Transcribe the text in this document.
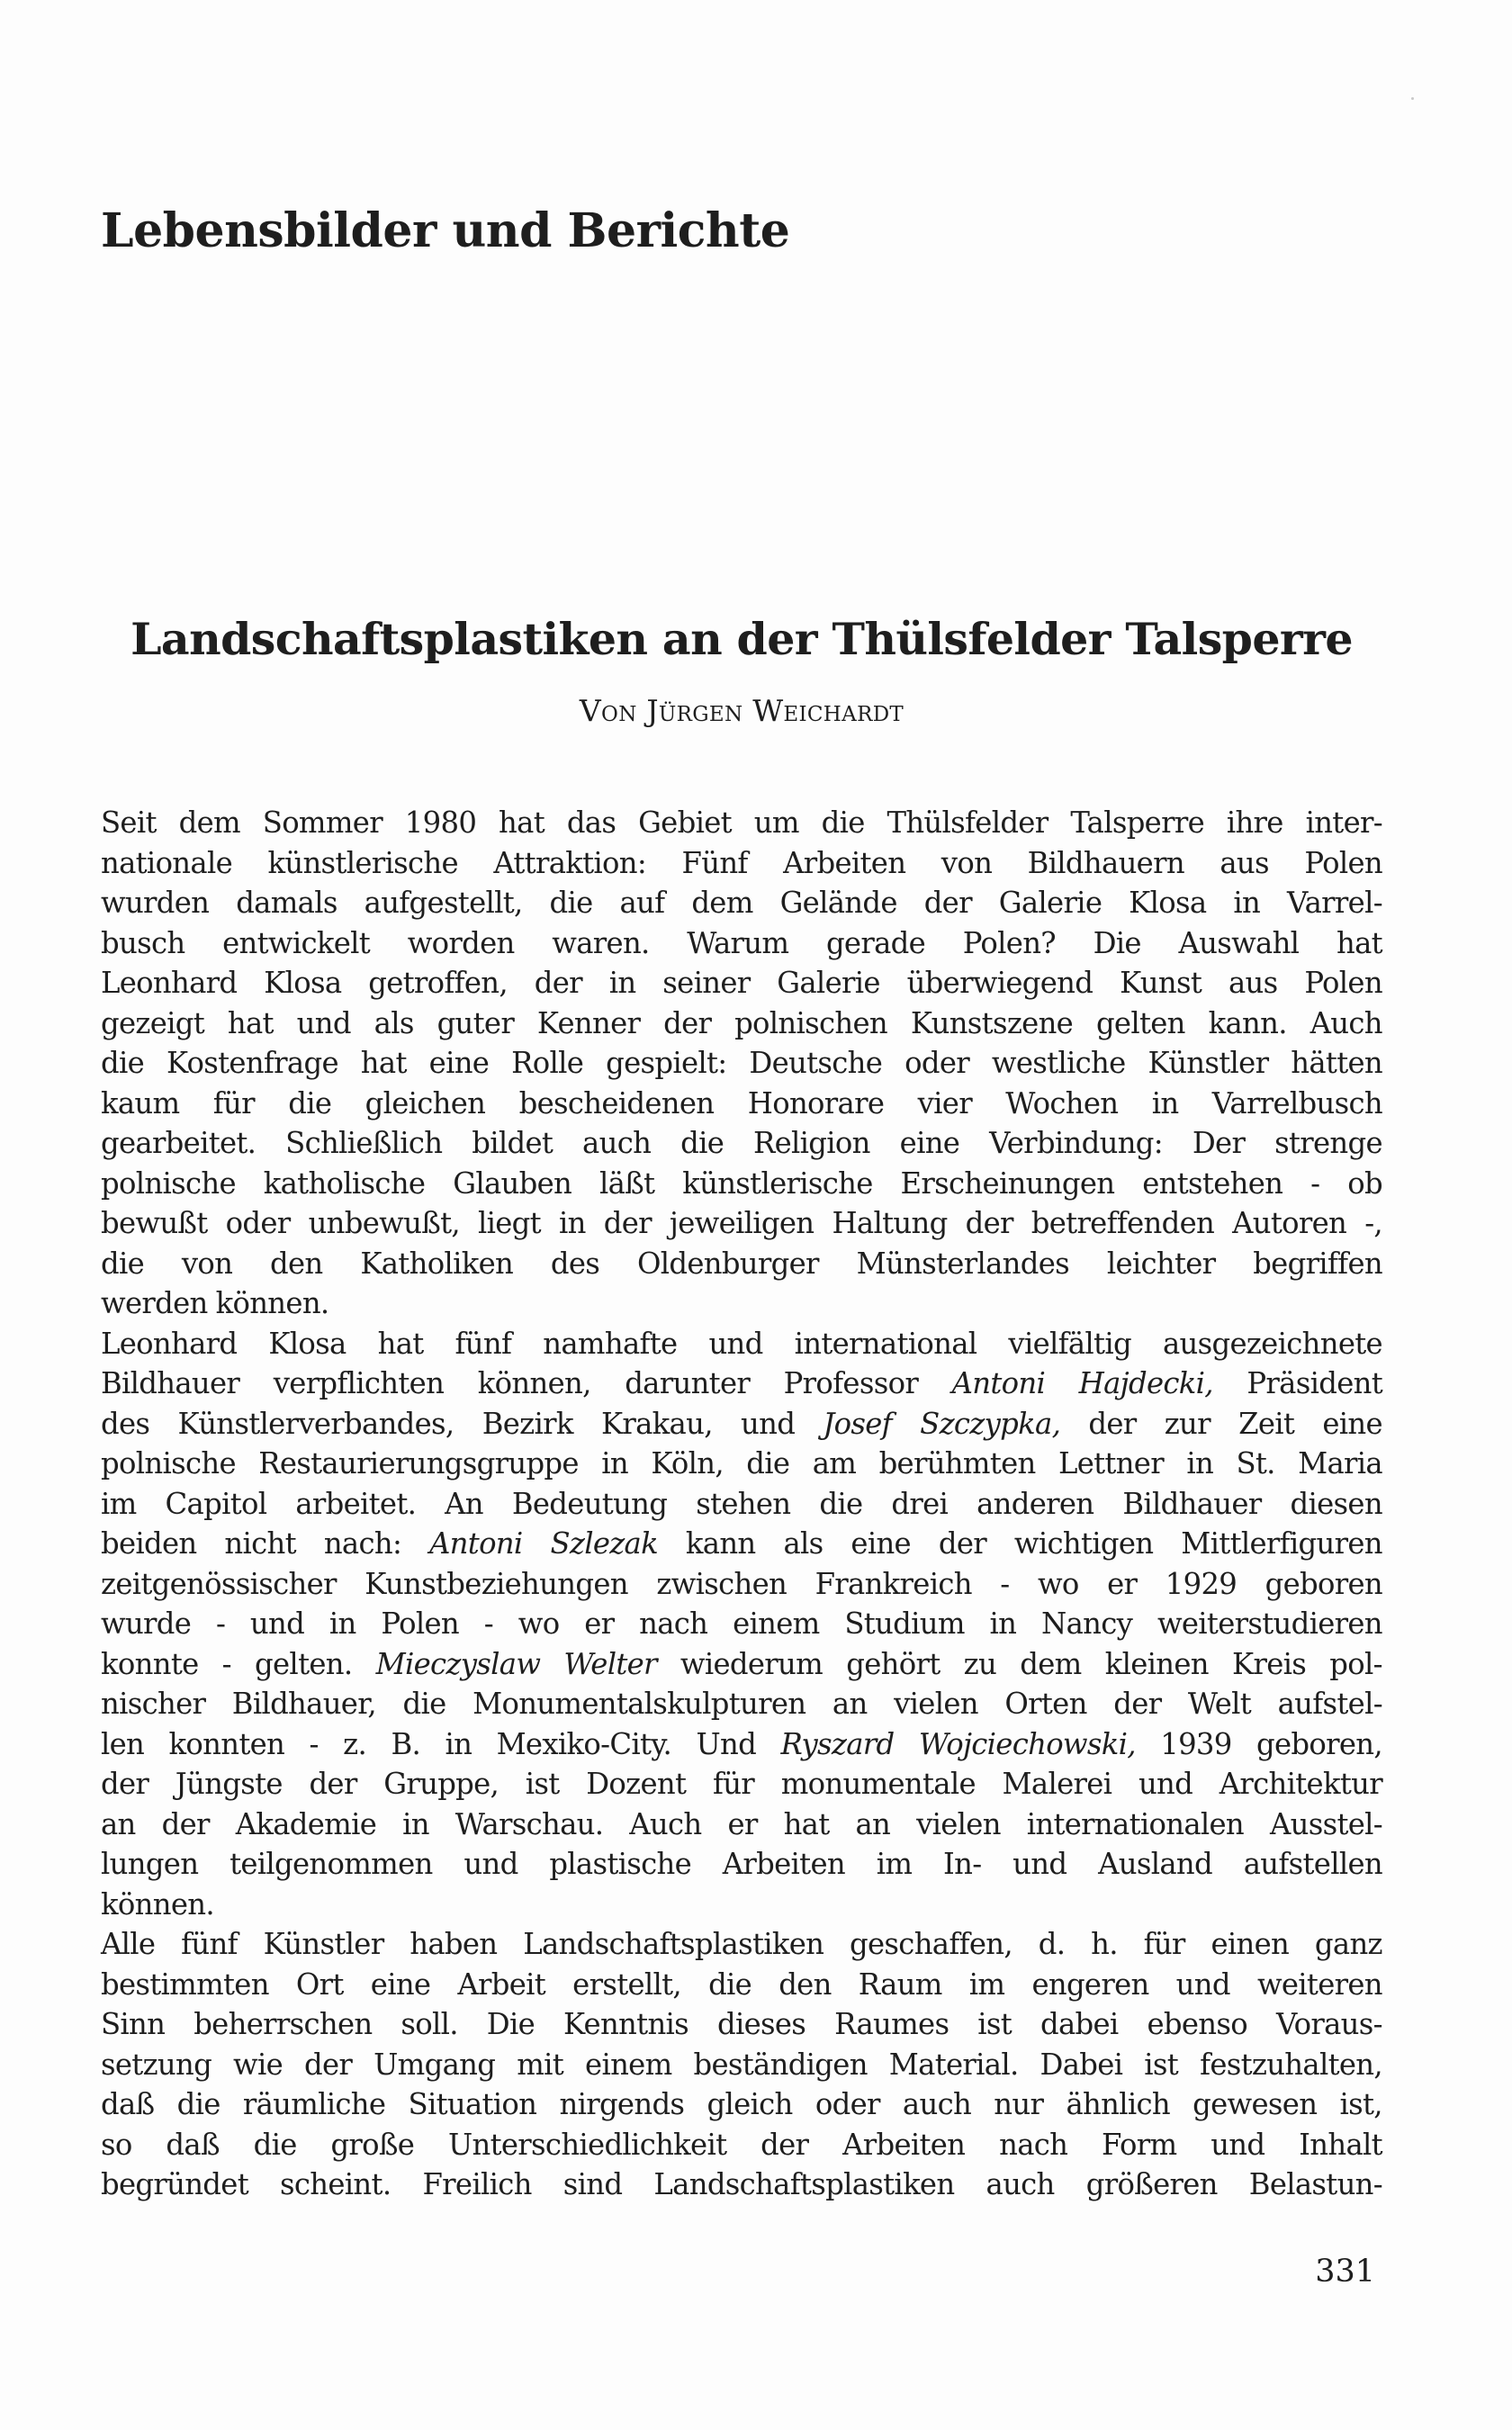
Lebensbilder und Berichte
Landschaftsplastiken an der Thülsfelder Talsperre

Von Jürgen Weichardt

Seit dem Sommer 1980 hat das Gebiet um die Thülsfelder Talsperre ihre inter-
nationale künstlerische Attraktion: Fünf Arbeiten von Bildhauern aus Polen
wurden damals aufgestellt, die auf dem Gelände der Galerie Klosa in Varrel-
busch entwickelt worden waren. Warum gerade Polen? Die Auswahl hat
Leonhard Klosa getroffen, der in seiner Galerie überwiegend Kunst aus Polen
gezeigt hat und als guter Kenner der polnischen Kunstszene gelten kann. Auch
die Kostenfrage hat eine Rolle gespielt: Deutsche oder westliche Künstler hätten
kaum für die gleichen bescheidenen Honorare vier Wochen in Varrelbusch
gearbeitet. Schließlich bildet auch die Religion eine Verbindung: Der strenge
polnische katholische Glauben läßt künstlerische Erscheinungen entstehen - ob
bewußt oder unbewußt, liegt in der jeweiligen Haltung der betreffenden Autoren -,
die von den Katholiken des Oldenburger Münsterlandes leichter begriffen
werden können.
Leonhard Klosa hat fünf namhafte und international vielfältig ausgezeichnete
Bildhauer verpflichten können, darunter Professor Antoni Hajdecki, Präsident
des Künstlerverbandes, Bezirk Krakau, und Josef Szczypka, der zur Zeit eine
polnische Restaurierungsgruppe in Köln, die am berühmten Lettner in St. Maria
im Capitol arbeitet. An Bedeutung stehen die drei anderen Bildhauer diesen
beiden nicht nach: Antoni Szlezak kann als eine der wichtigen Mittlerfiguren
zeitgenössischer Kunstbeziehungen zwischen Frankreich - wo er 1929 geboren
wurde - und in Polen - wo er nach einem Studium in Nancy weiterstudieren
konnte - gelten. Mieczyslaw Welter wiederum gehört zu dem kleinen Kreis pol-
nischer Bildhauer, die Monumentalskulpturen an vielen Orten der Welt aufstel-
len konnten - z. B. in Mexiko-City. Und Ryszard Wojciechowski, 1939 geboren,
der Jüngste der Gruppe, ist Dozent für monumentale Malerei und Architektur
an der Akademie in Warschau. Auch er hat an vielen internationalen Ausstel-
lungen teilgenommen und plastische Arbeiten im In- und Ausland aufstellen
können.
Alle fünf Künstler haben Landschaftsplastiken geschaffen, d. h. für einen ganz
bestimmten Ort eine Arbeit erstellt, die den Raum im engeren und weiteren
Sinn beherrschen soll. Die Kenntnis dieses Raumes ist dabei ebenso Voraus-
setzung wie der Umgang mit einem beständigen Material. Dabei ist festzuhalten,
daß die räumliche Situation nirgends gleich oder auch nur ähnlich gewesen ist,
so daß die große Unterschiedlichkeit der Arbeiten nach Form und Inhalt
begründet scheint. Freilich sind Landschaftsplastiken auch größeren Belastun-

331
